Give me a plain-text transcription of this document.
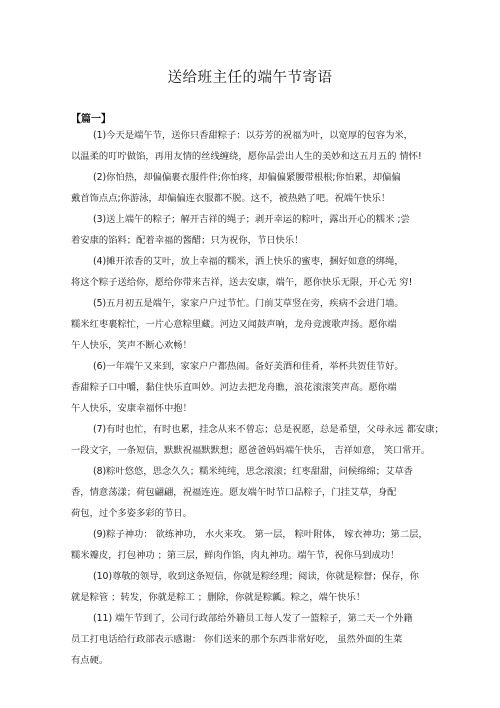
送给班主任的端午节寄语
【篇一】
(1)今天是端午节，送你只香甜粽子：以芬芳的祝福为叶，以宽厚的包容为米，
以温柔的叮咛做馅，再用友情的丝线缠绕，愿你品尝出人生的美妙和这五月五的 情怀!
(2)你怕热，却偏偏裹衣服件件;你怕疼，却偏偏紧腰带根根;你怕累，却偏偏
戴首饰点点;你游泳，却偏偏连衣服都不脱。这不，被热熟了吧。祝端午快乐！
(3)送上端午的粽子；解开吉祥的绳子；剥开幸运的粽叶，露出开心的糯米 ;尝
着安康的馅料；配着幸福的酱醋；只为祝你，节日快乐！
(4)摊开浓香的艾叶，放上幸福的糯米，洒上快乐的蜜枣，捆好如意的绑绳，
将这个粽子送给你，愿给你带来吉祥，送去安康，端午，愿你快乐无限，开心无 穷!
(5)五月初五是端午，家家户户过节忙。门前艾草竖在旁，疾病不会进门墙。
糯米红枣裹粽忙，一片心意粽里藏。河边又闻鼓声响，龙舟竞渡歌声扬。愿你端
午人快乐，笑声不断心欢畅！
(6)一年端午又来到，家家户户都热闹。备好美酒和佳肴，举杯共贺佳节好。
香甜粽子口中嚼，黏住快乐直叫妙。河边去把龙舟瞧，浪花滚滚笑声高。愿你端
午人快乐，安康幸福怀中抱！
(7)有时也忙，有时也累，挂念从来不曾忘；总是祝愿，总是希望，父母永远 都安康；
一段文字，一条短信，默默祝福默默想；愿爸爸妈妈端午快乐， 吉祥如意， 笑口常开。
(8)粽叶悠悠，思念久久；糯米纯纯，思念滚滚；红枣甜甜，问候绵绵；艾草香
香，情意荡漾；荷包翩翩，祝福连连。愿友端午时节口品粽子，门挂艾草，身配
荷包，过个多姿多彩的节日。
(9)粽子神功： 欲练神功， 水火来攻。 第一层， 粽叶附体， 嫁衣神功；第二层，
糯米瓣皮，打包神功 ；第三层，鲜肉作馅，肉丸神功。端午节，祝你马到成功！
(10)尊敬的领导，收到这条短信，你就是粽经理；阅读，你就是粽督；保存，你
就是粽管 ；转发，你就是粽工 ；删除，你就是粽瓤。粽之，端午快乐！
(11) 端午节到了，公司行政部给外籍员工每人发了一篮粽子，第二天一个外籍
员工打电话给行政部表示感谢： 你们送来的那个东西非常好吃， 虽然外面的生菜
有点硬。
